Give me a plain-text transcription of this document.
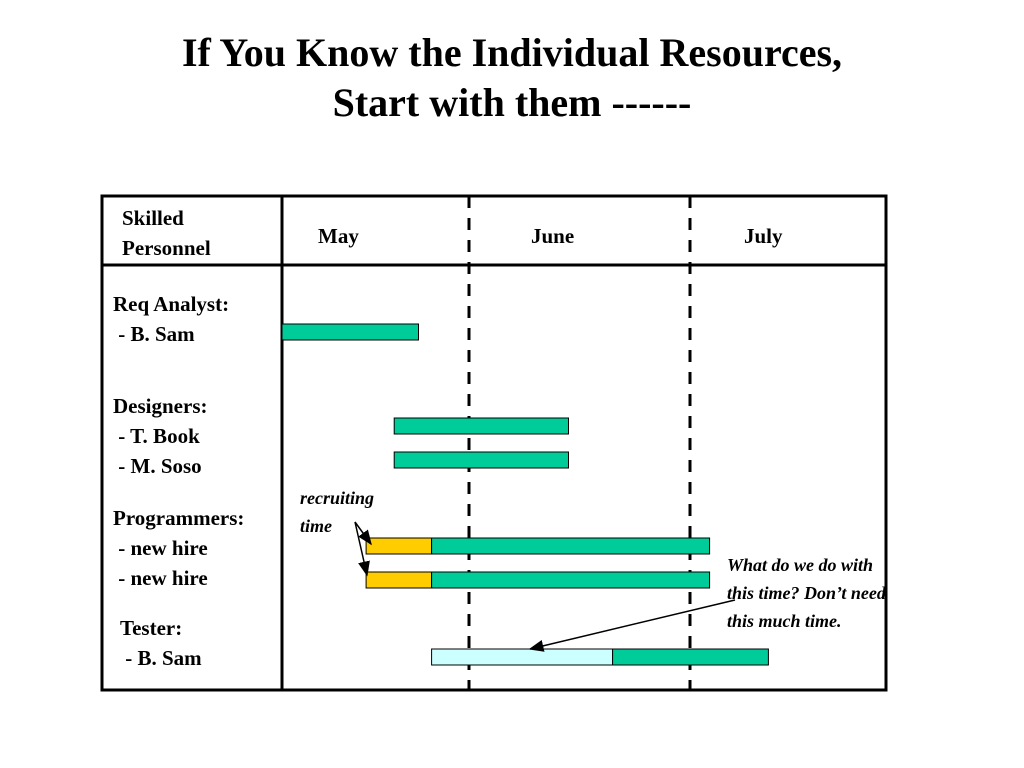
If You Know the Individual Resources,
Start with them ------
Skilled
Personnel	May	June	July
Req Analyst:
- B. Sam
Designers:
- T. Book
- M. Soso
Programmers:
- new hire
- new hire
Tester:
- B. Sam
recruiting
time
What do we do with
this time? Don’t need
this much time.
